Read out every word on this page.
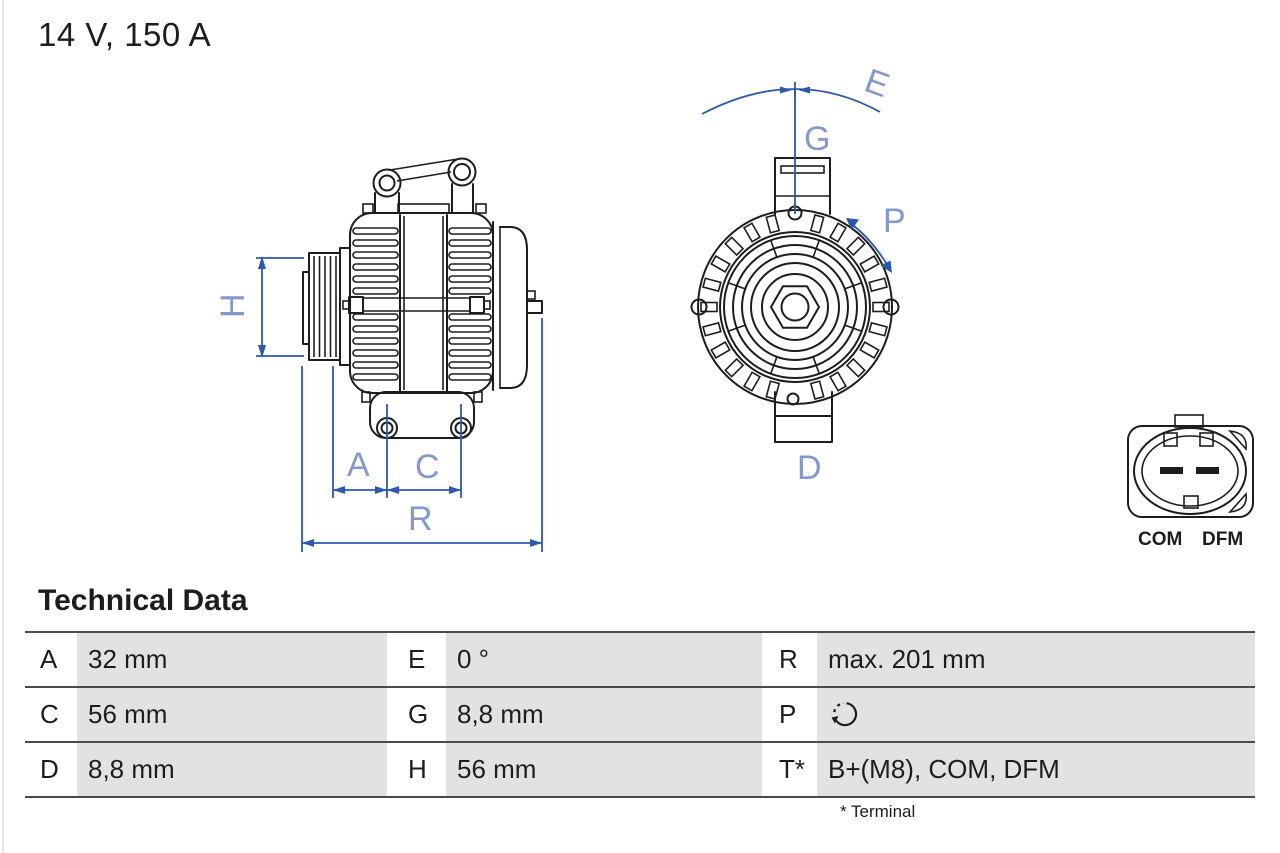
14 V, 150 A
H
A C
R
E
G
P
D
COM DFM
Technical Data
A	32 mm	E	0 °	R	max. 201 mm
C	56 mm	G	8,8 mm	P
D	8,8 mm	H	56 mm	T* B+(M8), COM, DFM
* Terminal
